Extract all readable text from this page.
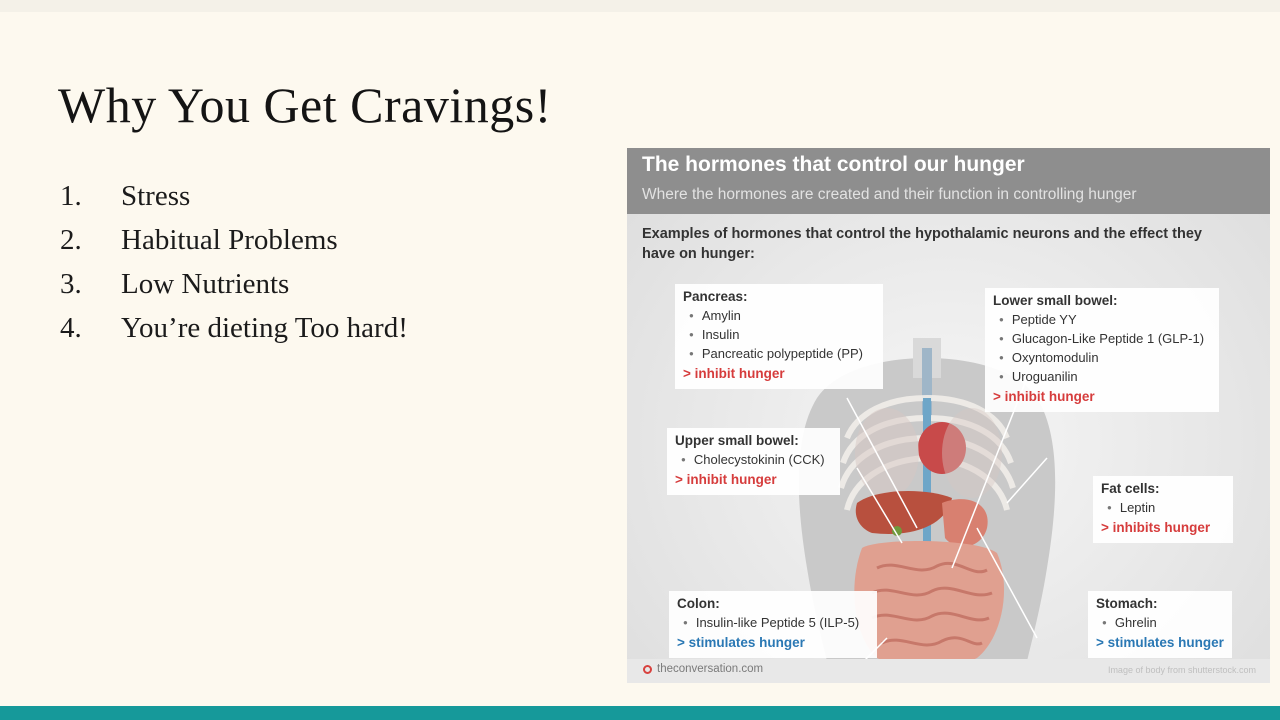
Why You Get Cravings!
1.	Stress
2.	Habitual Problems
3.	Low Nutrients
4.	You’re dieting Too hard!
The hormones that control our hunger
Where the hormones are created and their function in controlling hunger
Examples of hormones that control the hypothalamic neurons and the effect they have on hunger:
Pancreas:
● Amylin
● Insulin
● Pancreatic polypeptide (PP)
> inhibit hunger
Lower small bowel:
● Peptide YY
● Glucagon-Like Peptide 1 (GLP-1)
● Oxyntomodulin
● Uroguanilin
> inhibit hunger
Upper small bowel:
● Cholecystokinin (CCK)
> inhibit hunger
Fat cells:
● Leptin
> inhibits hunger
Colon:
● Insulin-like Peptide 5 (ILP-5)
> stimulates hunger
Stomach:
● Ghrelin
> stimulates hunger
theconversation.com	Image of body from shutterstock.com
